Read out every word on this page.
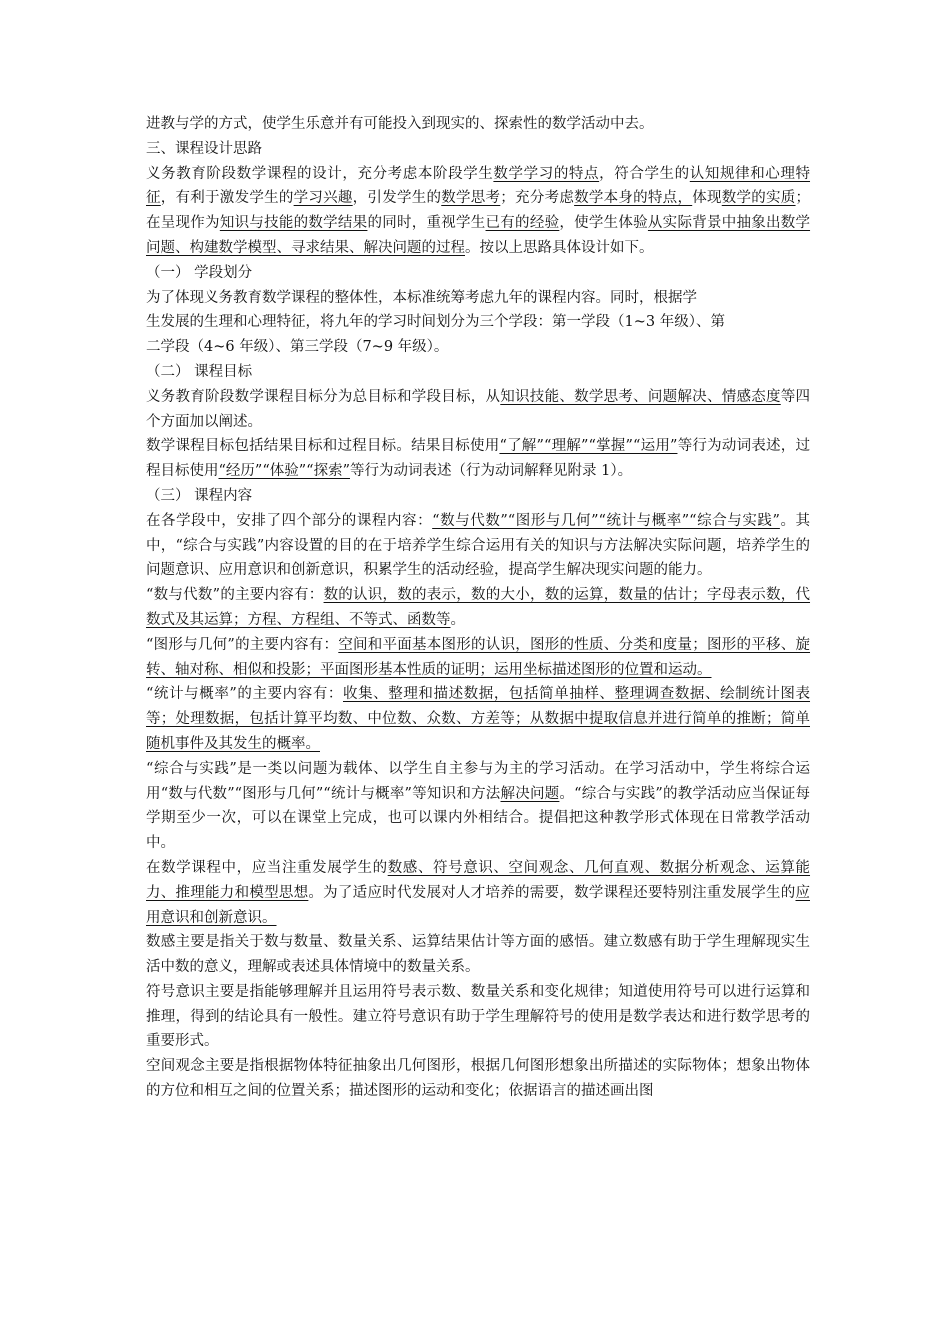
进教与学的方式，使学生乐意并有可能投入到现实的、探索性的数学活动中去。

三、课程设计思路

义务教育阶段数学课程的设计，充分考虑本阶段学生数学学习的特点，符合学生的认知规律和心理特征，有利于激发学生的学习兴趣，引发学生的数学思考；充分考虑数学本身的特点，体现数学的实质；在呈现作为知识与技能的数学结果的同时，重视学生已有的经验，使学生体验从实际背景中抽象出数学问题、构建数学模型、寻求结果、解决问题的过程。按以上思路具体设计如下。

（一） 学段划分

为了体现义务教育数学课程的整体性，本标准统筹考虑九年的课程内容。同时，根据学
生发展的生理和心理特征，将九年的学习时间划分为三个学段：第一学段（1~3 年级）、第
二学段（4~6 年级）、第三学段（7~9 年级）。

（二） 课程目标

义务教育阶段数学课程目标分为总目标和学段目标，从知识技能、数学思考、问题解决、情感态度等四个方面加以阐述。

数学课程目标包括结果目标和过程目标。结果目标使用“了解”“理解”“掌握”“运用”等行为动词表述，过程目标使用“经历”“体验”“探索”等行为动词表述（行为动词解释见附录 1）。

（三） 课程内容

在各学段中，安排了四个部分的课程内容：“数与代数”“图形与几何”“统计与概率”“综合与实践”。其中，“综合与实践”内容设置的目的在于培养学生综合运用有关的知识与方法解决实际问题，培养学生的问题意识、应用意识和创新意识，积累学生的活动经验，提高学生解决现实问题的能力。

“数与代数”的主要内容有：数的认识，数的表示，数的大小，数的运算，数量的估计；字母表示数，代数式及其运算；方程、方程组、不等式、函数等。

“图形与几何”的主要内容有：空间和平面基本图形的认识，图形的性质、分类和度量；图形的平移、旋转、轴对称、相似和投影；平面图形基本性质的证明；运用坐标描述图形的位置和运动。

“统计与概率”的主要内容有：收集、整理和描述数据，包括简单抽样、整理调查数据、绘制统计图表等；处理数据，包括计算平均数、中位数、众数、方差等；从数据中提取信息并进行简单的推断；简单随机事件及其发生的概率。

“综合与实践”是一类以问题为载体、以学生自主参与为主的学习活动。在学习活动中，学生将综合运用“数与代数”“图形与几何”“统计与概率”等知识和方法解决问题。“综合与实践”的教学活动应当保证每学期至少一次，可以在课堂上完成，也可以课内外相结合。提倡把这种教学形式体现在日常教学活动中。

在数学课程中，应当注重发展学生的数感、符号意识、空间观念、几何直观、数据分析观念、运算能力、推理能力和模型思想。为了适应时代发展对人才培养的需要，数学课程还要特别注重发展学生的应用意识和创新意识。

数感主要是指关于数与数量、数量关系、运算结果估计等方面的感悟。建立数感有助于学生理解现实生活中数的意义，理解或表述具体情境中的数量关系。

符号意识主要是指能够理解并且运用符号表示数、数量关系和变化规律；知道使用符号可以进行运算和推理，得到的结论具有一般性。建立符号意识有助于学生理解符号的使用是数学表达和进行数学思考的重要形式。

空间观念主要是指根据物体特征抽象出几何图形，根据几何图形想象出所描述的实际物体；想象出物体的方位和相互之间的位置关系；描述图形的运动和变化；依据语言的描述画出图
